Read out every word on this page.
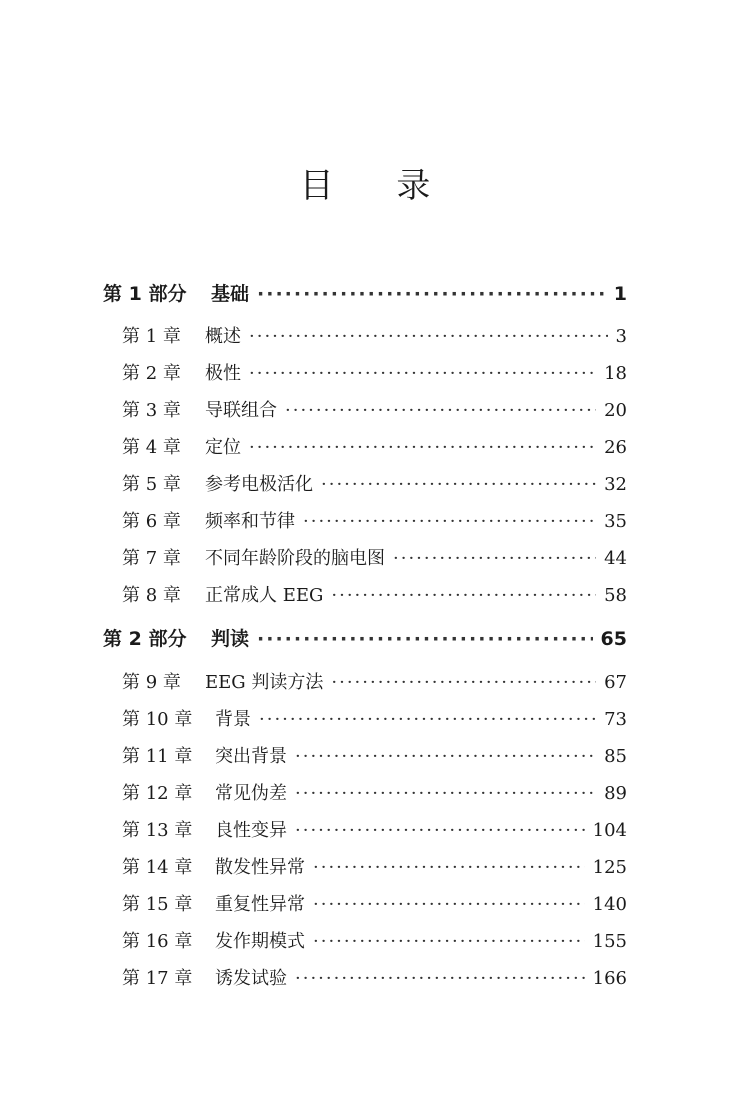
目 录
第 1 部分	基础 ·····	1
第 1 章	概述 ·····	3
第 2 章	极性 ·····	18
第 3 章	导联组合 ·····	20
第 4 章	定位 ·····	26
第 5 章	参考电极活化 ·····	32
第 6 章	频率和节律 ·····	35
第 7 章	不同年龄阶段的脑电图 ·····	44
第 8 章	正常成人 EEG ·····	58
第 2 部分	判读 ·····	65
第 9 章	EEG 判读方法 ·····	67
第 10 章	背景 ·····	73
第 11 章	突出背景 ·····	85
第 12 章	常见伪差 ·····	89
第 13 章	良性变异 ·····	104
第 14 章	散发性异常 ·····	125
第 15 章	重复性异常 ·····	140
第 16 章	发作期模式 ·····	155
第 17 章	诱发试验 ·····	166
